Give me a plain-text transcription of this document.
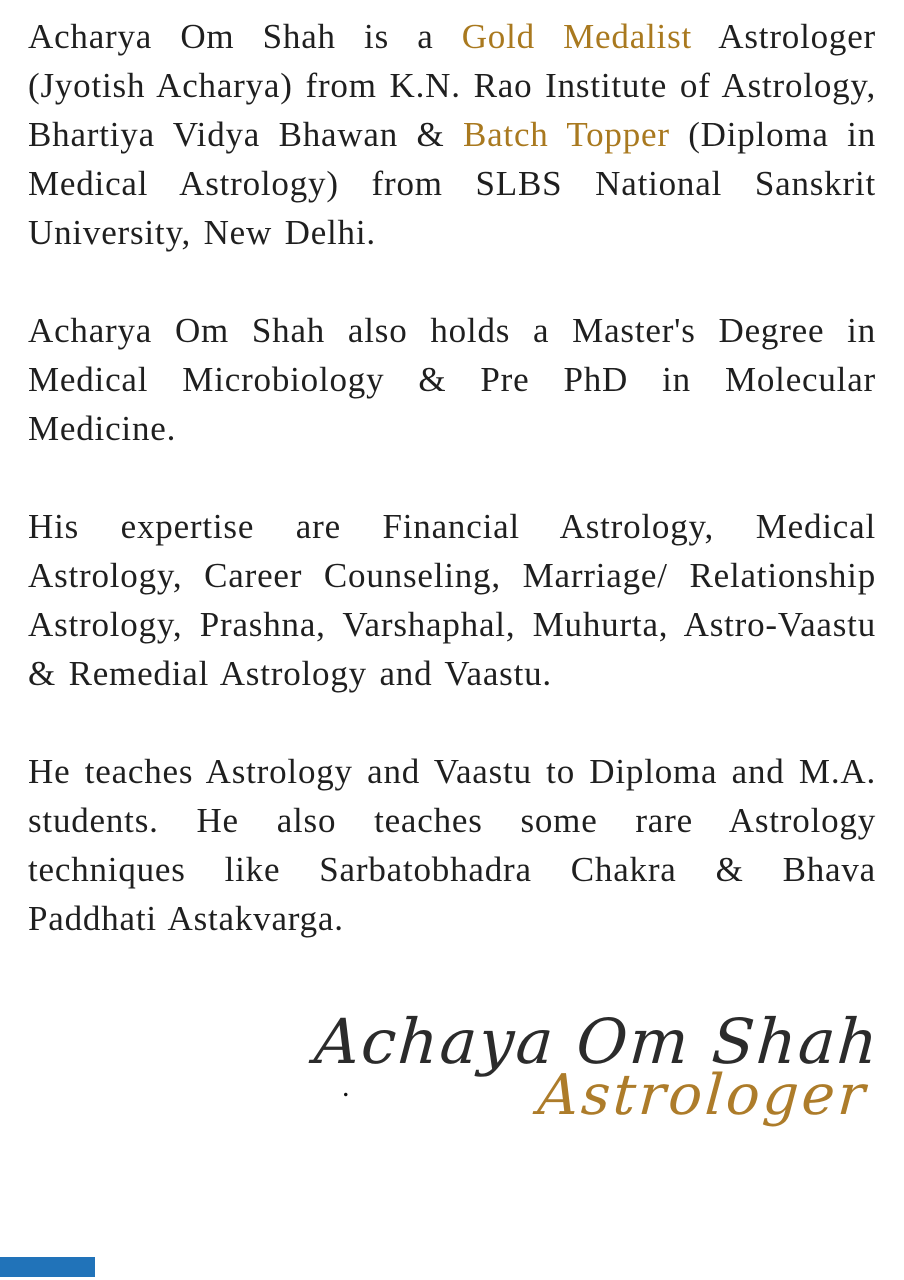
Acharya Om Shah is a Gold Medalist Astrologer (Jyotish Acharya) from K.N. Rao Institute of Astrology, Bhartiya Vidya Bhawan & Batch Topper (Diploma in Medical Astrology) from SLBS National Sanskrit University, New Delhi.

Acharya Om Shah also holds a Master's Degree in Medical Microbiology & Pre PhD in Molecular Medicine.

His expertise are Financial Astrology, Medical Astrology, Career Counseling, Marriage/ Relationship Astrology, Prashna, Varshaphal, Muhurta, Astro-Vaastu & Remedial Astrology and Vaastu.

He teaches Astrology and Vaastu to Diploma and M.A. students. He also teaches some rare Astrology techniques like Sarbatobhadra Chakra & Bhava Paddhati Astakvarga.

.
Achaya Om Shah
Astrologer
